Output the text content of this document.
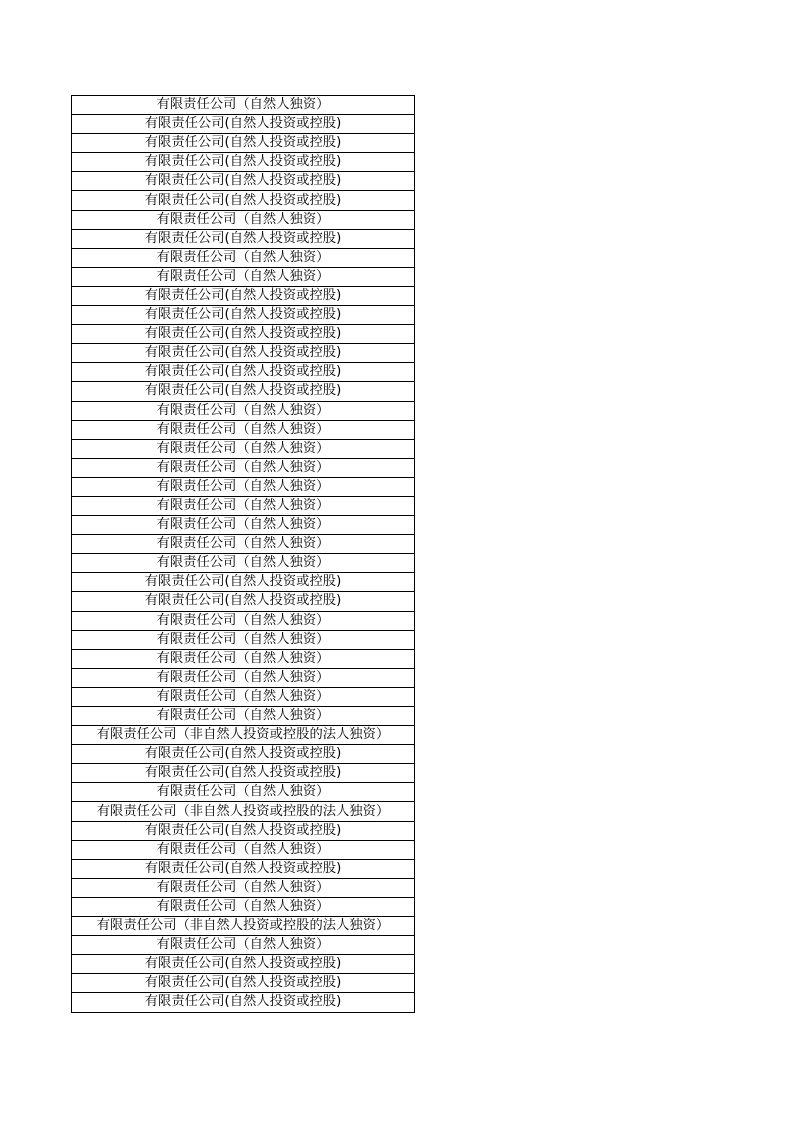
有限责任公司（自然人独资）
有限责任公司(自然人投资或控股)
有限责任公司(自然人投资或控股)
有限责任公司(自然人投资或控股)
有限责任公司(自然人投资或控股)
有限责任公司(自然人投资或控股)
有限责任公司（自然人独资）
有限责任公司(自然人投资或控股)
有限责任公司（自然人独资）
有限责任公司（自然人独资）
有限责任公司(自然人投资或控股)
有限责任公司(自然人投资或控股)
有限责任公司(自然人投资或控股)
有限责任公司(自然人投资或控股)
有限责任公司(自然人投资或控股)
有限责任公司(自然人投资或控股)
有限责任公司（自然人独资）
有限责任公司（自然人独资）
有限责任公司（自然人独资）
有限责任公司（自然人独资）
有限责任公司（自然人独资）
有限责任公司（自然人独资）
有限责任公司（自然人独资）
有限责任公司（自然人独资）
有限责任公司（自然人独资）
有限责任公司(自然人投资或控股)
有限责任公司(自然人投资或控股)
有限责任公司（自然人独资）
有限责任公司（自然人独资）
有限责任公司（自然人独资）
有限责任公司（自然人独资）
有限责任公司（自然人独资）
有限责任公司（自然人独资）
有限责任公司（非自然人投资或控股的法人独资）
有限责任公司(自然人投资或控股)
有限责任公司(自然人投资或控股)
有限责任公司（自然人独资）
有限责任公司（非自然人投资或控股的法人独资）
有限责任公司(自然人投资或控股)
有限责任公司（自然人独资）
有限责任公司(自然人投资或控股)
有限责任公司（自然人独资）
有限责任公司（自然人独资）
有限责任公司（非自然人投资或控股的法人独资）
有限责任公司（自然人独资）
有限责任公司(自然人投资或控股)
有限责任公司(自然人投资或控股)
有限责任公司(自然人投资或控股)
